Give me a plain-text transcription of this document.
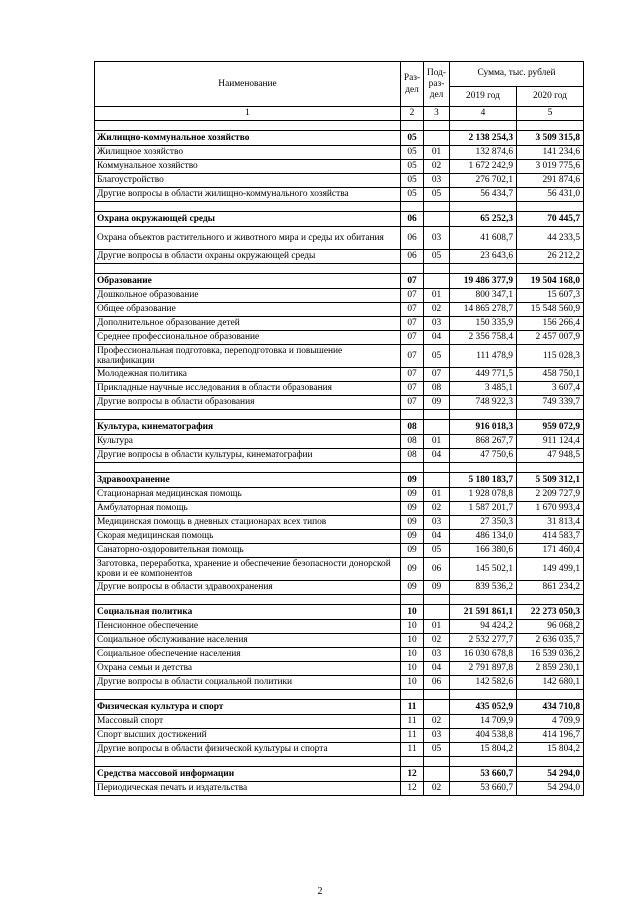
Наименование	Раз- дел	Под- раз- дел	Сумма, тыс. рублей	
			2019 год	2020 год
1	2	3	4	5

Жилищно-коммунальное хозяйство	05		2 138 254,3	3 509 315,8
Жилищное хозяйство	05	01	132 874,6	141 234,6
Коммунальное хозяйство	05	02	1 672 242,9	3 019 775,6
Благоустройство	05	03	276 702,1	291 874,6
Другие вопросы в области жилищно-коммунального хозяйства	05	05	56 434,7	56 431,0

Охрана окружающей среды	06		65 252,3	70 445,7
Охрана объектов растительного и животного мира и среды их обитания	06	03	41 608,7	44 233,5
Другие вопросы в области охраны окружающей среды	06	05	23 643,6	26 212,2

Образование	07		19 486 377,9	19 504 168,0
Дошкольное образование	07	01	800 347,1	15 607,3
Общее образование	07	02	14 865 278,7	15 548 560,9
Дополнительное образование детей	07	03	150 335,9	156 266,4
Среднее профессиональное образование	07	04	2 356 758,4	2 457 007,9
Профессиональная подготовка, переподготовка и повышение квалификации	07	05	111 478,9	115 028,3
Молодежная политика	07	07	449 771,5	458 750,1
Прикладные научные исследования в области образования	07	08	3 485,1	3 607,4
Другие вопросы в области образования	07	09	748 922,3	749 339,7

Культура, кинематография	08		916 018,3	959 072,9
Культура	08	01	868 267,7	911 124,4
Другие вопросы в области культуры, кинематографии	08	04	47 750,6	47 948,5

Здравоохранение	09		5 180 183,7	5 509 312,1
Стационарная медицинская помощь	09	01	1 928 078,8	2 209 727,9
Амбулаторная помощь	09	02	1 587 201,7	1 670 993,4
Медицинская помощь в дневных стационарах всех типов	09	03	27 350,3	31 813,4
Скорая медицинская помощь	09	04	486 134,0	414 583,7
Санаторно-оздоровительная помощь	09	05	166 380,6	171 460,4
Заготовка, переработка, хранение и обеспечение безопасности донорской крови и ее компонентов	09	06	145 502,1	149 499,1
Другие вопросы в области здравоохранения	09	09	839 536,2	861 234,2

Социальная политика	10		21 591 861,1	22 273 050,3
Пенсионное обеспечение	10	01	94 424,2	96 068,2
Социальное обслуживание населения	10	02	2 532 277,7	2 636 035,7
Социальное обеспечение населения	10	03	16 030 678,8	16 539 036,2
Охрана семьи и детства	10	04	2 791 897,8	2 859 230,1
Другие вопросы в области социальной политики	10	06	142 582,6	142 680,1

Физическая культура и спорт	11		435 052,9	434 710,8
Массовый спорт	11	02	14 709,9	4 709,9
Спорт высших достижений	11	03	404 538,8	414 196,7
Другие вопросы в области физической культуры и спорта	11	05	15 804,2	15 804,2

Средства массовой информации	12		53 660,7	54 294,0
Периодическая печать и издательства	12	02	53 660,7	54 294,0
2
